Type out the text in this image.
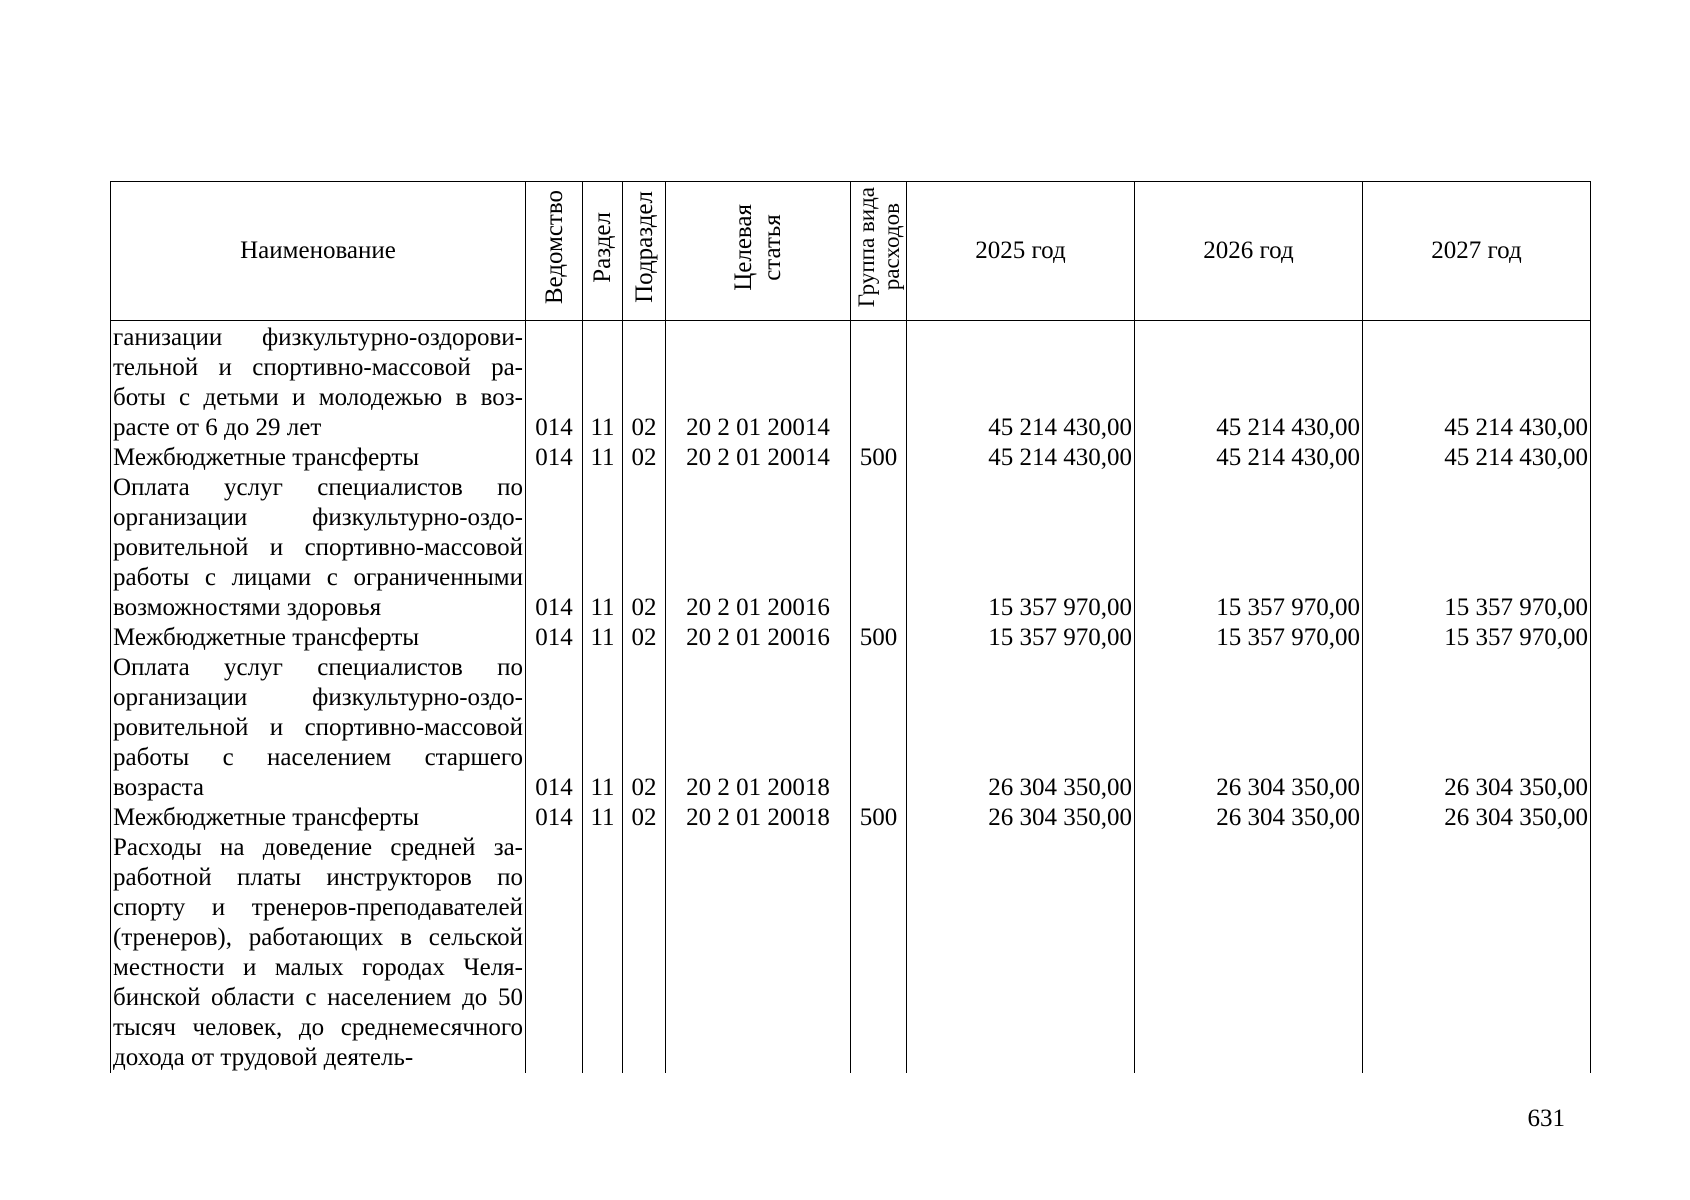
Наименование	Ведомство	Раздел	Подраздел	Целевая
статья	Группа вида
расходов	2025 год	2026 год	2027 год
ганизации физкультурно-оздоровительной и спортивно-массовой работы с детьми и молодежью в возрасте от 6 до 29 лет	014	11	02	20 2 01 20014		45 214 430,00	45 214 430,00	45 214 430,00
Межбюджетные трансферты	014	11	02	20 2 01 20014	500	45 214 430,00	45 214 430,00	45 214 430,00
Оплата услуг специалистов по организации физкультурно-оздоровительной и спортивно-массовой работы с лицами с ограниченными возможностями здоровья	014	11	02	20 2 01 20016		15 357 970,00	15 357 970,00	15 357 970,00
Межбюджетные трансферты	014	11	02	20 2 01 20016	500	15 357 970,00	15 357 970,00	15 357 970,00
Оплата услуг специалистов по организации физкультурно-оздоровительной и спортивно-массовой работы с населением старшего возраста	014	11	02	20 2 01 20018		26 304 350,00	26 304 350,00	26 304 350,00
Межбюджетные трансферты	014	11	02	20 2 01 20018	500	26 304 350,00	26 304 350,00	26 304 350,00
Расходы на доведение средней заработной платы инструкторов по спорту и тренеров-преподавателей (тренеров), работающих в сельской местности и малых городах Челябинской области с населением до 50 тысяч человек, до среднемесячного дохода от трудовой деятель-								
631
